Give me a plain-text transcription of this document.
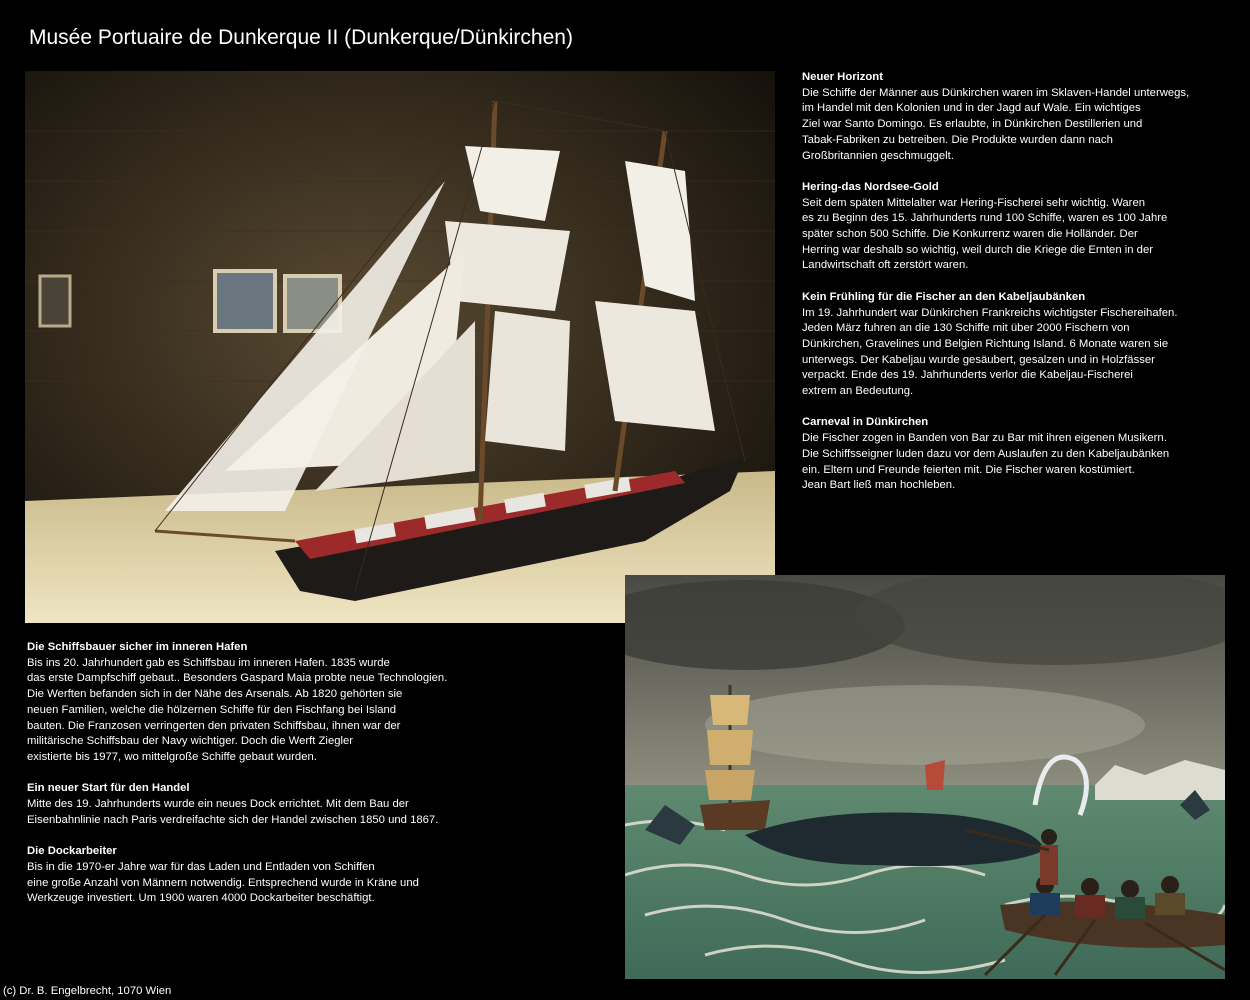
Musée Portuaire de Dunkerque II (Dunkerque/Dünkirchen)
Neuer Horizont
Die Schiffe der Männer aus Dünkirchen waren im Sklaven-Handel unterwegs,
im Handel mit den Kolonien und in der Jagd auf Wale. Ein wichtiges
Ziel war Santo Domingo. Es erlaubte, in Dünkirchen Destillerien und
Tabak-Fabriken zu betreiben. Die Produkte wurden dann nach
Großbritannien geschmuggelt.
Hering-das Nordsee-Gold
Seit dem späten Mittelalter war Hering-Fischerei sehr wichtig. Waren
es zu Beginn des 15. Jahrhunderts rund 100 Schiffe, waren es 100 Jahre
später schon 500 Schiffe. Die Konkurrenz waren die Holländer. Der
Herring war deshalb so wichtig, weil durch die Kriege die Ernten in der
Landwirtschaft oft zerstört waren.
Kein Frühling für die Fischer an den Kabeljaubänken
Im 19. Jahrhundert war Dünkirchen Frankreichs wichtigster Fischereihafen.
Jeden März fuhren an die 130 Schiffe mit über 2000 Fischern von
Dünkirchen, Gravelines und Belgien Richtung Island. 6 Monate waren sie
unterwegs. Der Kabeljau wurde gesäubert, gesalzen und in Holzfässer
verpackt. Ende des 19. Jahrhunderts verlor die Kabeljau-Fischerei
extrem an Bedeutung.
Carneval in Dünkirchen
Die Fischer zogen in Banden von Bar zu Bar mit ihren eigenen Musikern.
Die Schiffsseigner luden dazu vor dem Auslaufen zu den Kabeljaubänken
ein. Eltern und Freunde feierten mit. Die Fischer waren kostümiert.
Jean Bart ließ man hochleben.
Die Schiffsbauer sicher im inneren Hafen
Bis ins 20. Jahrhundert gab es Schiffsbau im inneren Hafen. 1835 wurde
das erste Dampfschiff gebaut.. Besonders Gaspard Maia probte neue Technologien.
Die Werften befanden sich in der Nähe des Arsenals. Ab 1820 gehörten sie
neuen Familien, welche die hölzernen Schiffe für den Fischfang bei Island
bauten. Die Franzosen verringerten den privaten Schiffsbau, ihnen war der
militärische Schiffsbau der Navy wichtiger. Doch die Werft Ziegler
existierte bis 1977, wo mittelgroße Schiffe gebaut wurden.
Ein neuer Start für den Handel
Mitte des 19. Jahrhunderts wurde ein neues Dock errichtet. Mit dem Bau der
Eisenbahnlinie nach Paris verdreifachte sich der Handel zwischen 1850 und 1867.
Die Dockarbeiter
Bis in die 1970-er Jahre war für das Laden und Entladen von Schiffen
eine große Anzahl von Männern notwendig. Entsprechend wurde in Kräne und
Werkzeuge investiert. Um 1900 waren 4000 Dockarbeiter beschäftigt.
(c) Dr. B. Engelbrecht, 1070 Wien
